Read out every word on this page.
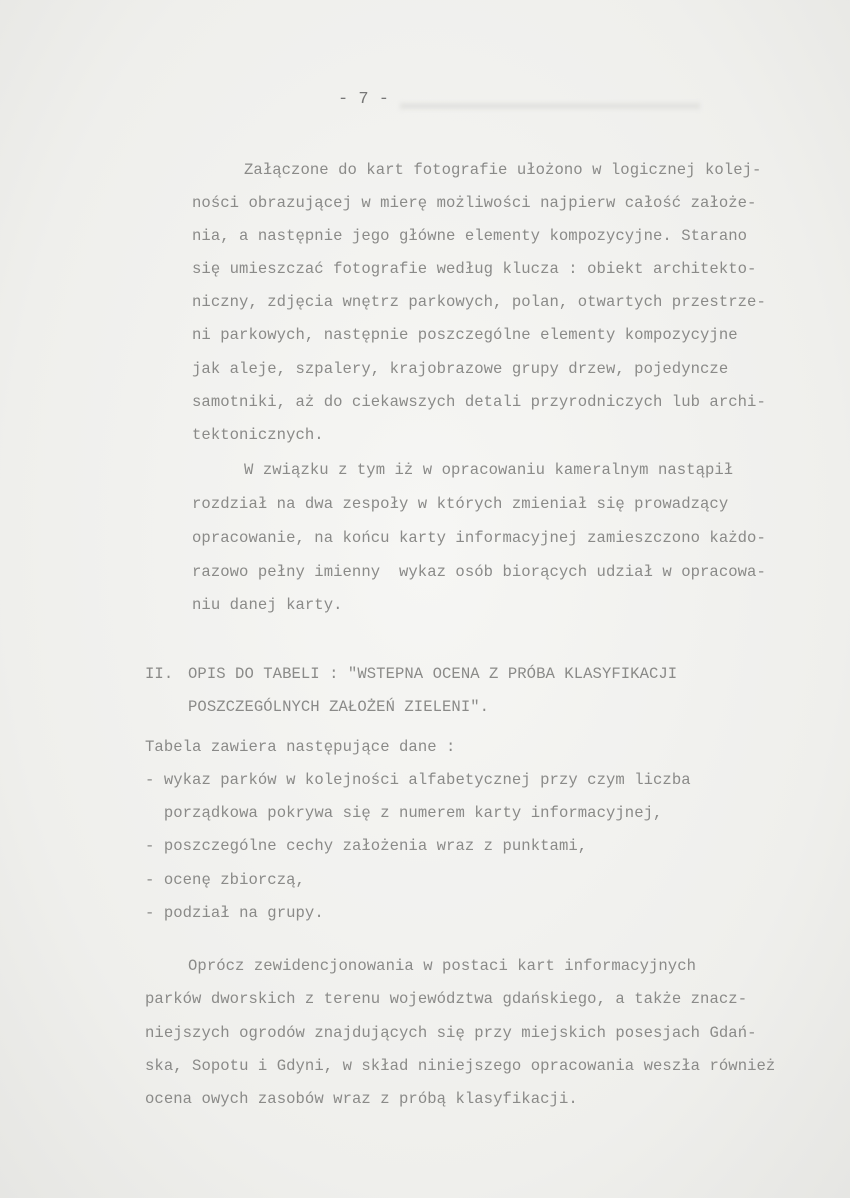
- 7 -
Załączone do kart fotografie ułożono w logicznej kolej-
ności obrazującej w mierę możliwości najpierw całość założe-
nia, a następnie jego główne elementy kompozycyjne. Starano
się umieszczać fotografie według klucza : obiekt architekto-
niczny, zdjęcia wnętrz parkowych, polan, otwartych przestrze-
ni parkowych, następnie poszczególne elementy kompozycyjne
jak aleje, szpalery, krajobrazowe grupy drzew, pojedyncze
samotniki, aż do ciekawszych detali przyrodniczych lub archi-
tektonicznych.
W związku z tym iż w opracowaniu kameralnym nastąpił
rozdział na dwa zespoły w których zmieniał się prowadzący
opracowanie, na końcu karty informacyjnej zamieszczono każdo-
razowo pełny imienny  wykaz osób biorących udział w opracowa-
niu danej karty.
II. OPIS DO TABELI : "WSTEPNA OCENA Z PRÓBA KLASYFIKACJI
POSZCZEGÓLNYCH ZAŁOŻEŃ ZIELENI".
Tabela zawiera następujące dane :
- wykaz parków w kolejności alfabetycznej przy czym liczba
porządkowa pokrywa się z numerem karty informacyjnej,
- poszczególne cechy założenia wraz z punktami,
- ocenę zbiorczą,
- podział na grupy.
Oprócz zewidencjonowania w postaci kart informacyjnych
parków dworskich z terenu województwa gdańskiego, a także znacz-
niejszych ogrodów znajdujących się przy miejskich posesjach Gdań-
ska, Sopotu i Gdyni, w skład niniejszego opracowania weszła również
ocena owych zasobów wraz z próbą klasyfikacji.
